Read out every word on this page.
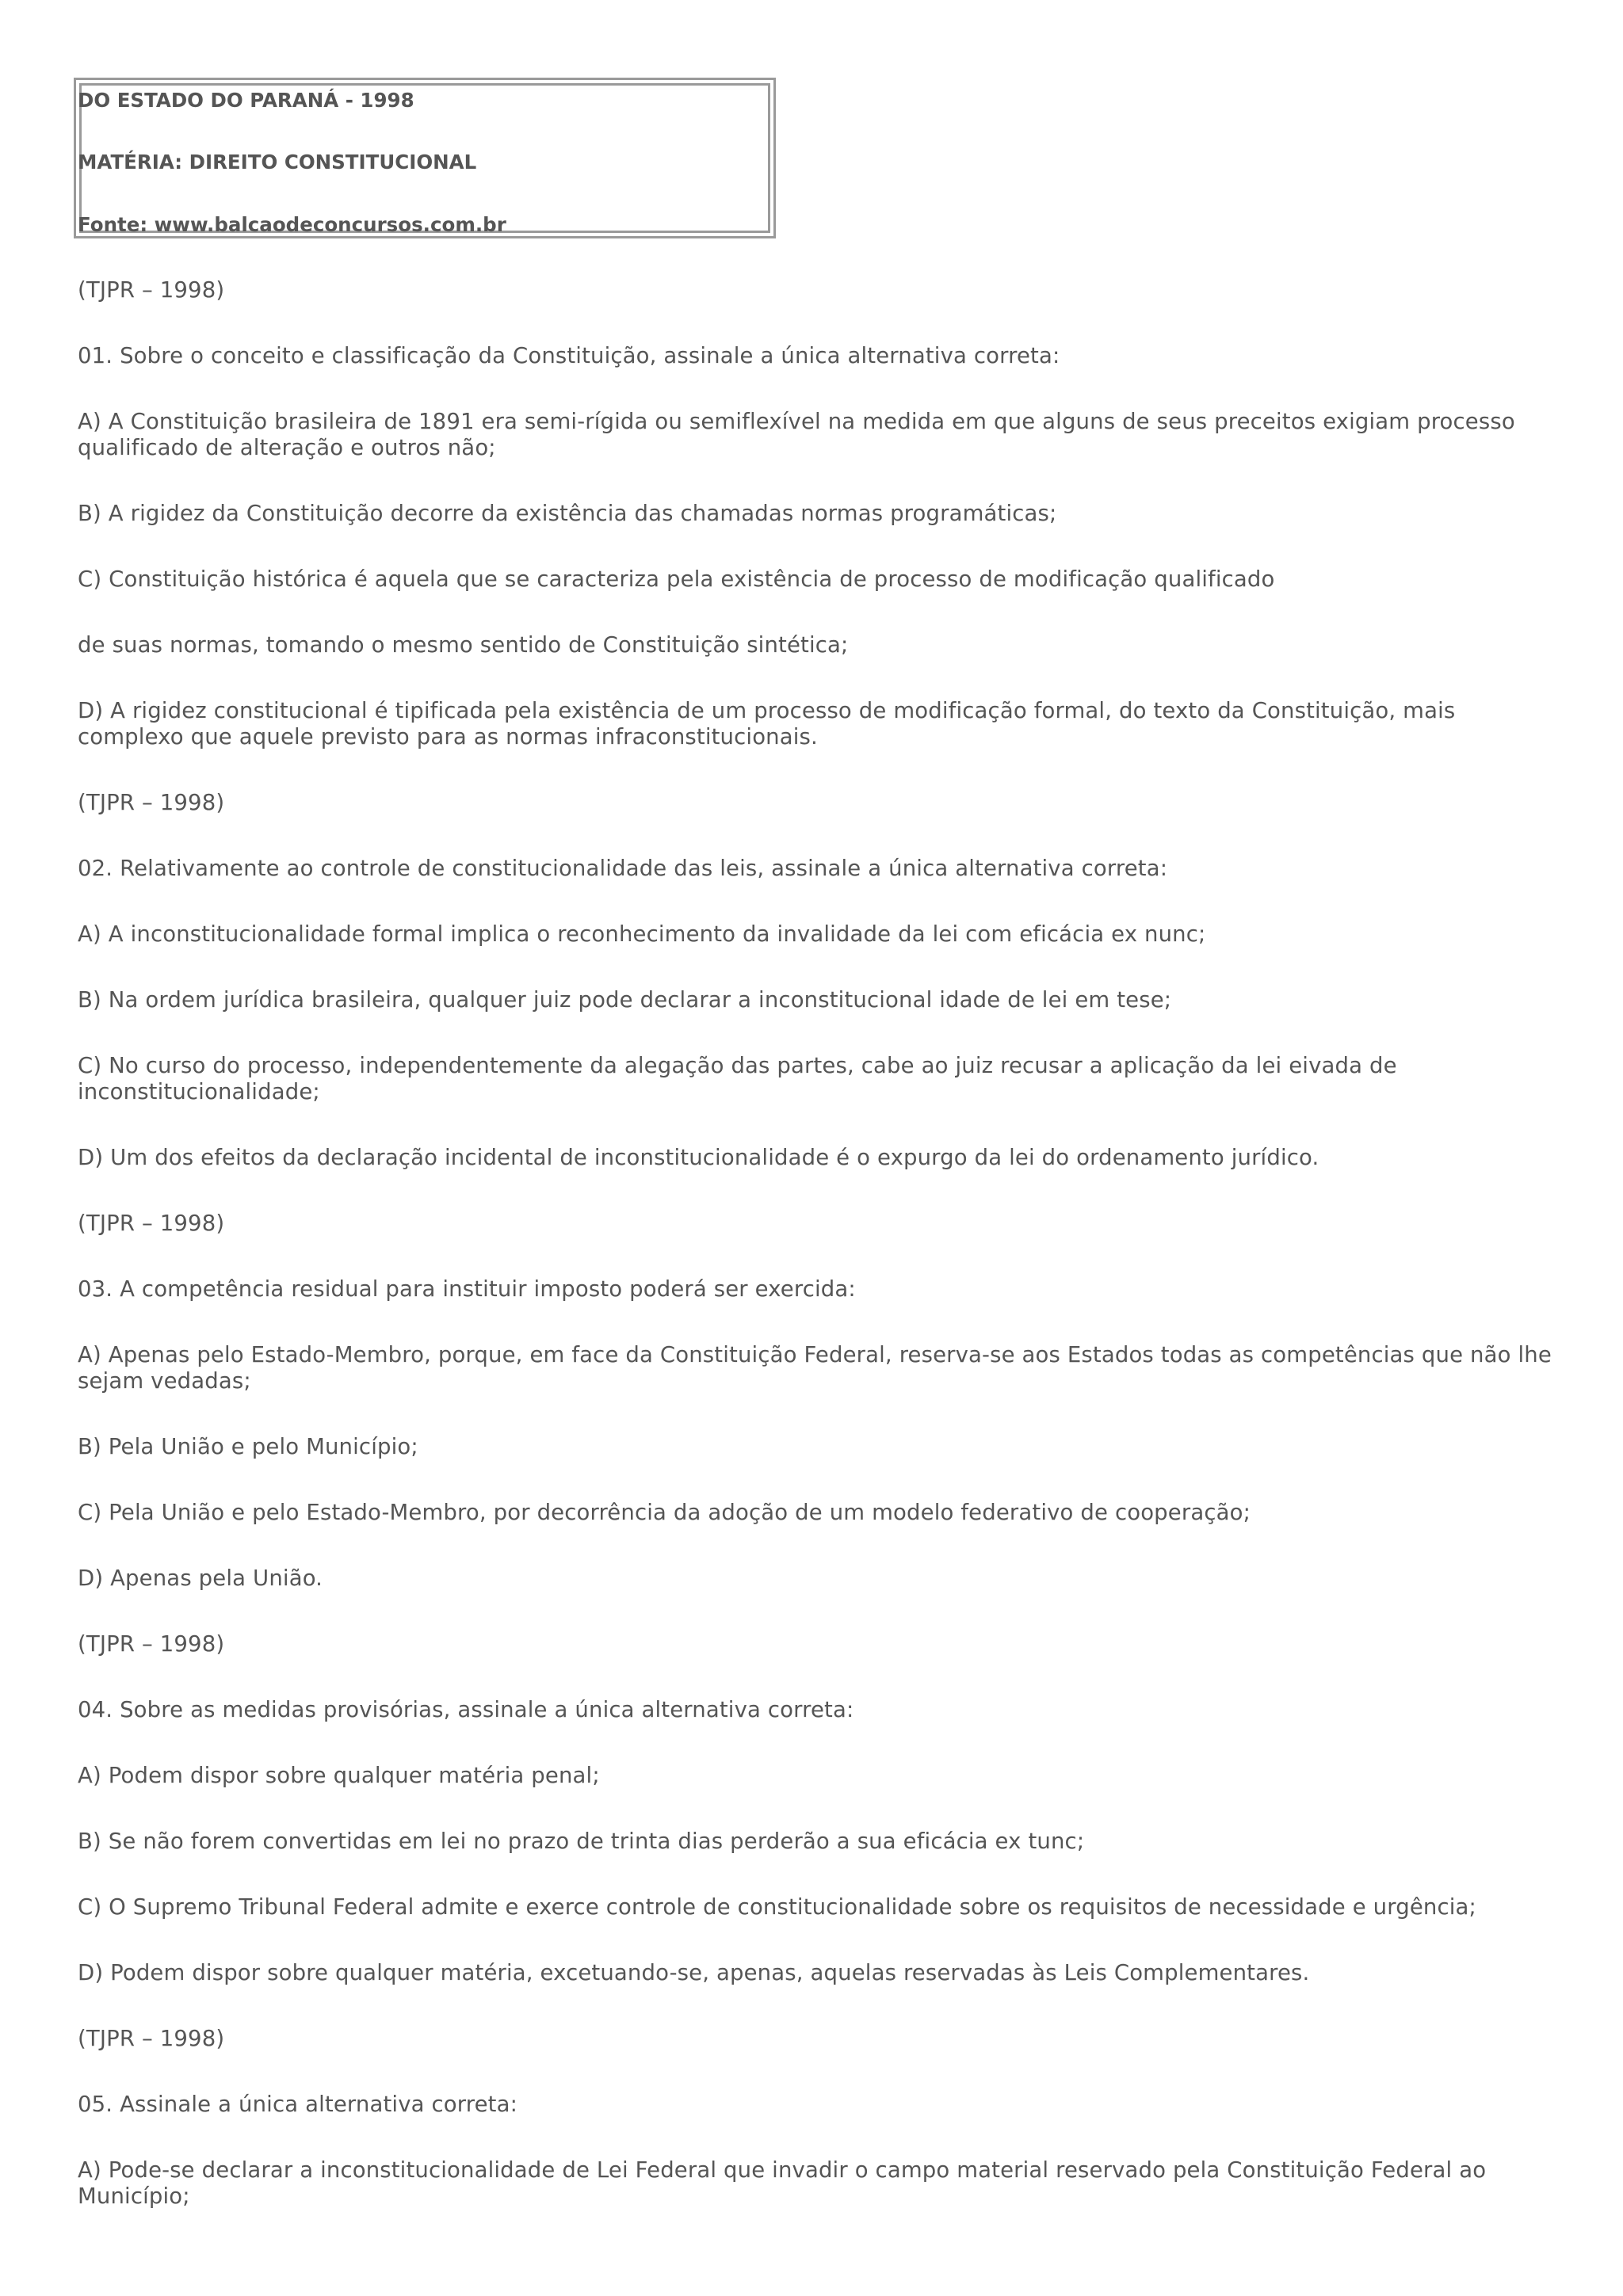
DO ESTADO DO PARANÁ - 1998
MATÉRIA: DIREITO CONSTITUCIONAL
Fonte: www.balcaodeconcursos.com.br

(TJPR – 1998)

01. Sobre o conceito e classificação da Constituição, assinale a única alternativa correta:

A) A Constituição brasileira de 1891 era semi-rígida ou semiflexível na medida em que alguns de seus preceitos exigiam processo qualificado de alteração e outros não;

B) A rigidez da Constituição decorre da existência das chamadas normas programáticas;

C) Constituição histórica é aquela que se caracteriza pela existência de processo de modificação qualificado

de suas normas, tomando o mesmo sentido de Constituição sintética;

D) A rigidez constitucional é tipificada pela existência de um processo de modificação formal, do texto da Constituição, mais complexo que aquele previsto para as normas infraconstitucionais.

(TJPR – 1998)

02. Relativamente ao controle de constitucionalidade das leis, assinale a única alternativa correta:

A) A inconstitucionalidade formal implica o reconhecimento da invalidade da lei com eficácia ex nunc;

B) Na ordem jurídica brasileira, qualquer juiz pode declarar a inconstitucional idade de lei em tese;

C) No curso do processo, independentemente da alegação das partes, cabe ao juiz recusar a aplicação da lei eivada de inconstitucionalidade;

D) Um dos efeitos da declaração incidental de inconstitucionalidade é o expurgo da lei do ordenamento jurídico.

(TJPR – 1998)

03. A competência residual para instituir imposto poderá ser exercida:

A) Apenas pelo Estado-Membro, porque, em face da Constituição Federal, reserva-se aos Estados todas as competências que não lhe sejam vedadas;

B) Pela União e pelo Município;

C) Pela União e pelo Estado-Membro, por decorrência da adoção de um modelo federativo de cooperação;

D) Apenas pela União.

(TJPR – 1998)

04. Sobre as medidas provisórias, assinale a única alternativa correta:

A) Podem dispor sobre qualquer matéria penal;

B) Se não forem convertidas em lei no prazo de trinta dias perderão a sua eficácia ex tunc;

C) O Supremo Tribunal Federal admite e exerce controle de constitucionalidade sobre os requisitos de necessidade e urgência;

D) Podem dispor sobre qualquer matéria, excetuando-se, apenas, aquelas reservadas às Leis Complementares.

(TJPR – 1998)

05. Assinale a única alternativa correta:

A) Pode-se declarar a inconstitucionalidade de Lei Federal que invadir o campo material reservado pela Constituição Federal ao Município;
